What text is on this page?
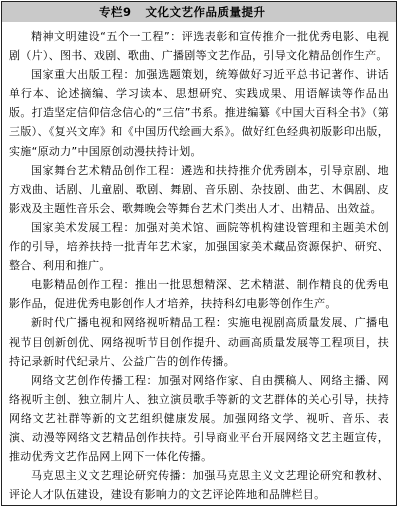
专栏9 文化文艺作品质量提升

精神文明建设“五个一工程”：评选表彰和宣传推介一批优秀电影、电视剧（片）、图书、戏剧、歌曲、广播剧等文艺作品，引导文化精品创作生产。

国家重大出版工程：加强选题策划，统筹做好习近平总书记著作、讲话单行本、论述摘编、学习读本、思想研究、实践成果、用语解读等作品出版。打造坚定信仰信念信心的“三信”书系。推进编纂《中国大百科全书》（第三版）、《复兴文库》和《中国历代绘画大系》。做好红色经典初版影印出版，实施“原动力”中国原创动漫扶持计划。

国家舞台艺术精品创作工程：遴选和扶持推介优秀剧本，引导京剧、地方戏曲、话剧、儿童剧、歌剧、舞剧、音乐剧、杂技剧、曲艺、木偶剧、皮影戏及主题性音乐会、歌舞晚会等舞台艺术门类出人才、出精品、出效益。

国家美术发展工程：加强对美术馆、画院等机构建设管理和主题美术创作的引导，培养扶持一批青年艺术家，加强国家美术藏品资源保护、研究、整合、利用和推广。

电影精品创作工程：推出一批思想精深、艺术精湛、制作精良的优秀电影作品，促进优秀电影创作人才培养，扶持科幻电影等创作生产。

新时代广播电视和网络视听精品工程：实施电视剧高质量发展、广播电视节目创新创优、网络视听节目创作提升、动画高质量发展等工程项目，扶持记录新时代纪录片、公益广告的创作传播。

网络文艺创作传播工程：加强对网络作家、自由撰稿人、网络主播、网络视听主创、独立制片人、独立演员歌手等新的文艺群体的关心引导，扶持网络文艺社群等新的文艺组织健康发展。加强网络文学、视听、音乐、表演、动漫等网络文艺精品创作扶持。引导商业平台开展网络文艺主题宣传，推动优秀文艺作品网上网下一体化传播。

马克思主义文艺理论研究传播：加强马克思主义文艺理论研究和教材、评论人才队伍建设，建设有影响力的文艺评论阵地和品牌栏目。
